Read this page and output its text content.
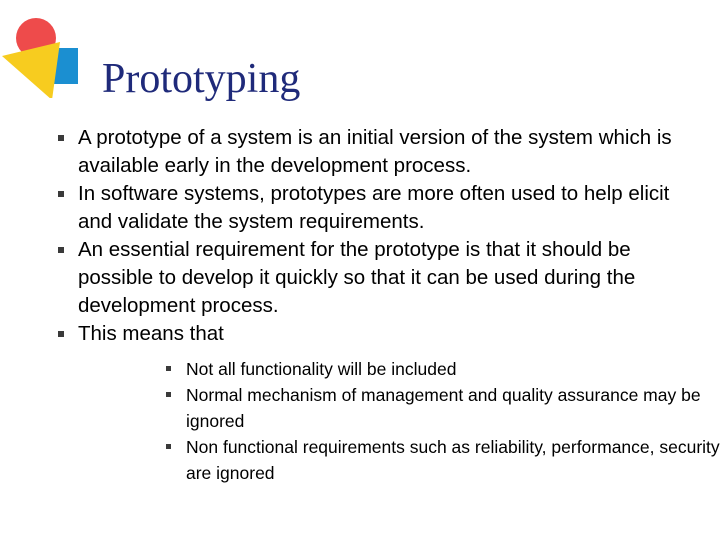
Prototyping
A prototype of a system is an initial version of the system which is available early in the development process.
In software systems, prototypes are more often used to help elicit and validate the system requirements.
An essential requirement for the prototype is that it should be possible to develop it quickly so that it can be used during the development process.
This means that
Not all functionality will be included
Normal mechanism of management and quality assurance may be ignored
Non functional requirements such as reliability, performance, security are ignored
